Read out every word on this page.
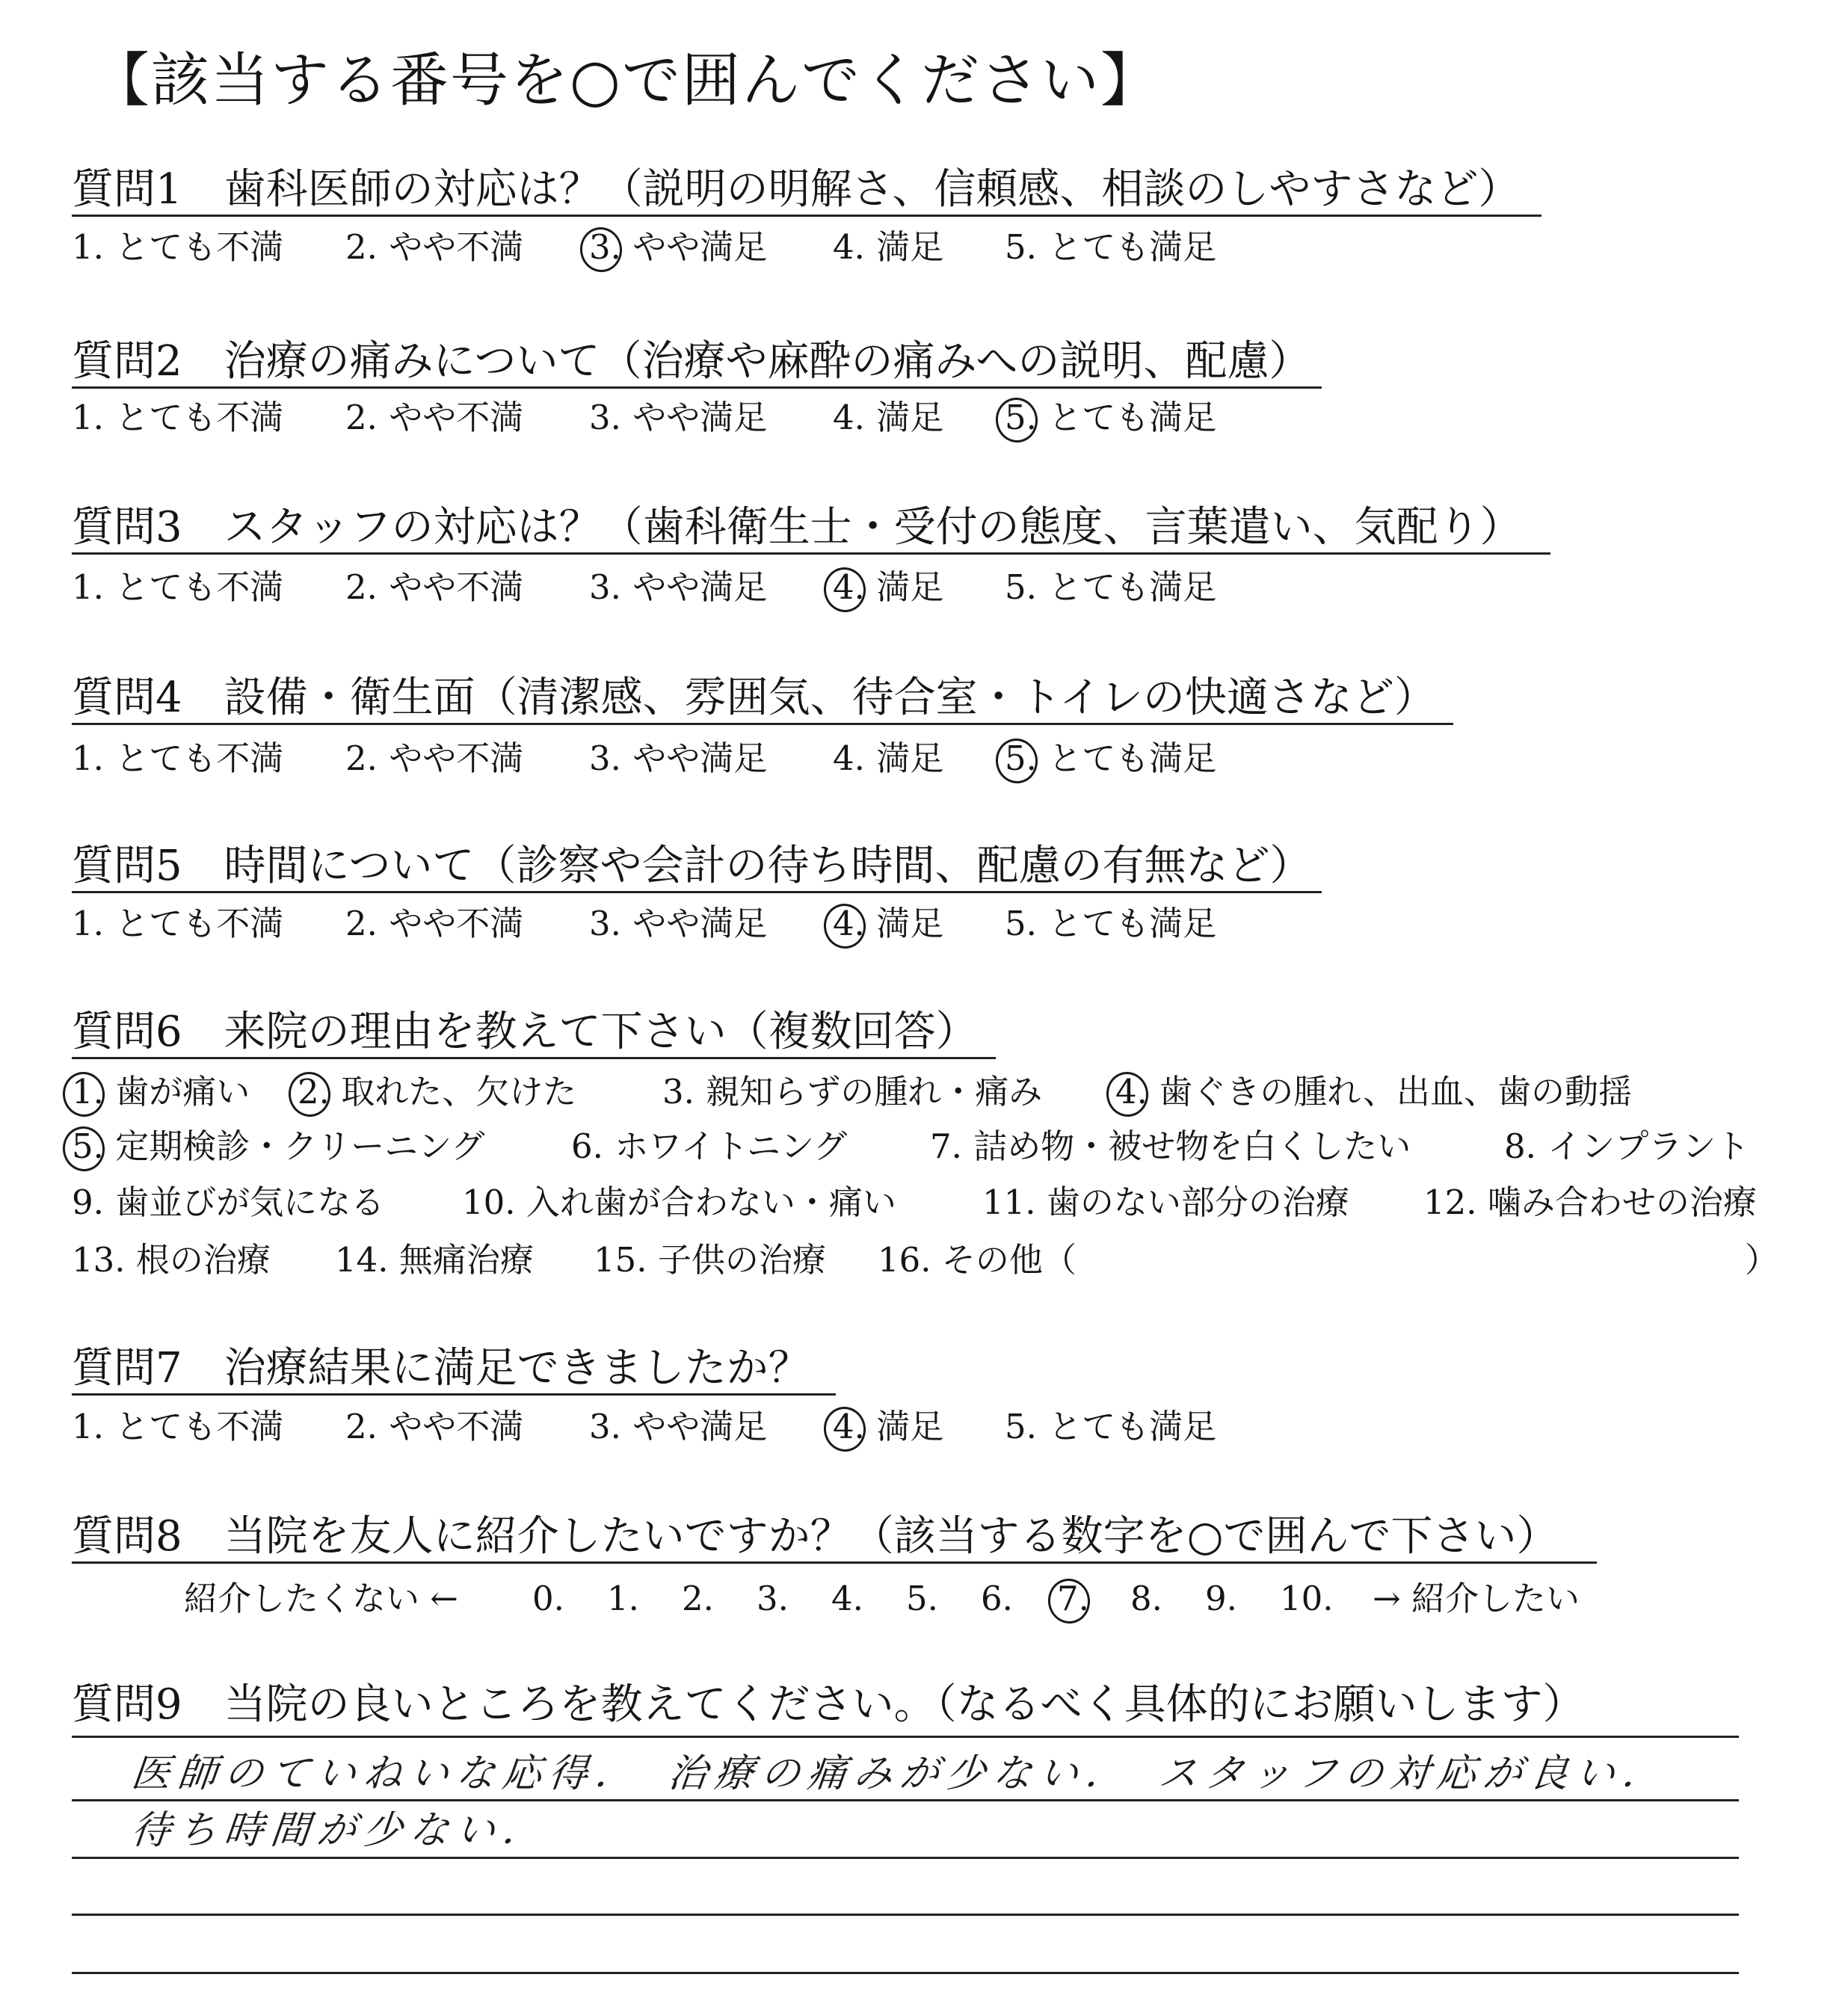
【該当する番号を○で囲んでください】
質問1　歯科医師の対応は？（説明の明解さ、信頼感、相談のしやすさなど）
1. とても不満 2. やや不満 3.
やや満足 4. 満足 5. とても満足
質問2　治療の痛みについて（治療や麻酔の痛みへの説明、配慮）
1. とても不満 2. やや不満 3. やや満足 4. 満足 5.
とても満足
質問3　スタッフの対応は？（歯科衛生士・受付の態度、言葉遣い、気配り）
1. とても不満 2. やや不満 3. やや満足 4.
満足 5. とても満足
質問4　設備・衛生面（清潔感、雰囲気、待合室・トイレの快適さなど）
1. とても不満 2. やや不満 3. やや満足 4. 満足 5.
とても満足
質問5　時間について（診察や会計の待ち時間、配慮の有無など）
1. とても不満 2. やや不満 3. やや満足 4.
満足 5. とても満足
質問6　来院の理由を教えて下さい（複数回答）
1.
歯が痛い 2.
取れた、欠けた	3. 親知らずの腫れ・痛み 4.
歯ぐきの腫れ、出血、歯の動揺
5.
定期検診・クリーニング	6. ホワイトニング 7. 詰め物・被せ物を白くしたい	8. インプラント
9. 歯並びが気になる 10. 入れ歯が合わない・痛い	11. 歯のない部分の治療 12. 噛み合わせの治療
13. 根の治療 14. 無痛治療 15. 子供の治療 16. その他（	）
質問7　治療結果に満足できましたか？
1. とても不満 2. やや不満 3. やや満足 4.
満足 5. とても満足
質問8　当院を友人に紹介したいですか？（該当する数字を○で囲んで下さい）
紹介したくない ← 0. 1. 2. 3. 4. 5. 6. 7. 8. 9. 10. → 紹介したい
質問9　当院の良いところを教えてください。（なるべく具体的にお願いします）
医師のていねいな応得．　治療の痛みが少ない．　スタッフの対応が良い．
待ち時間が少ない．
